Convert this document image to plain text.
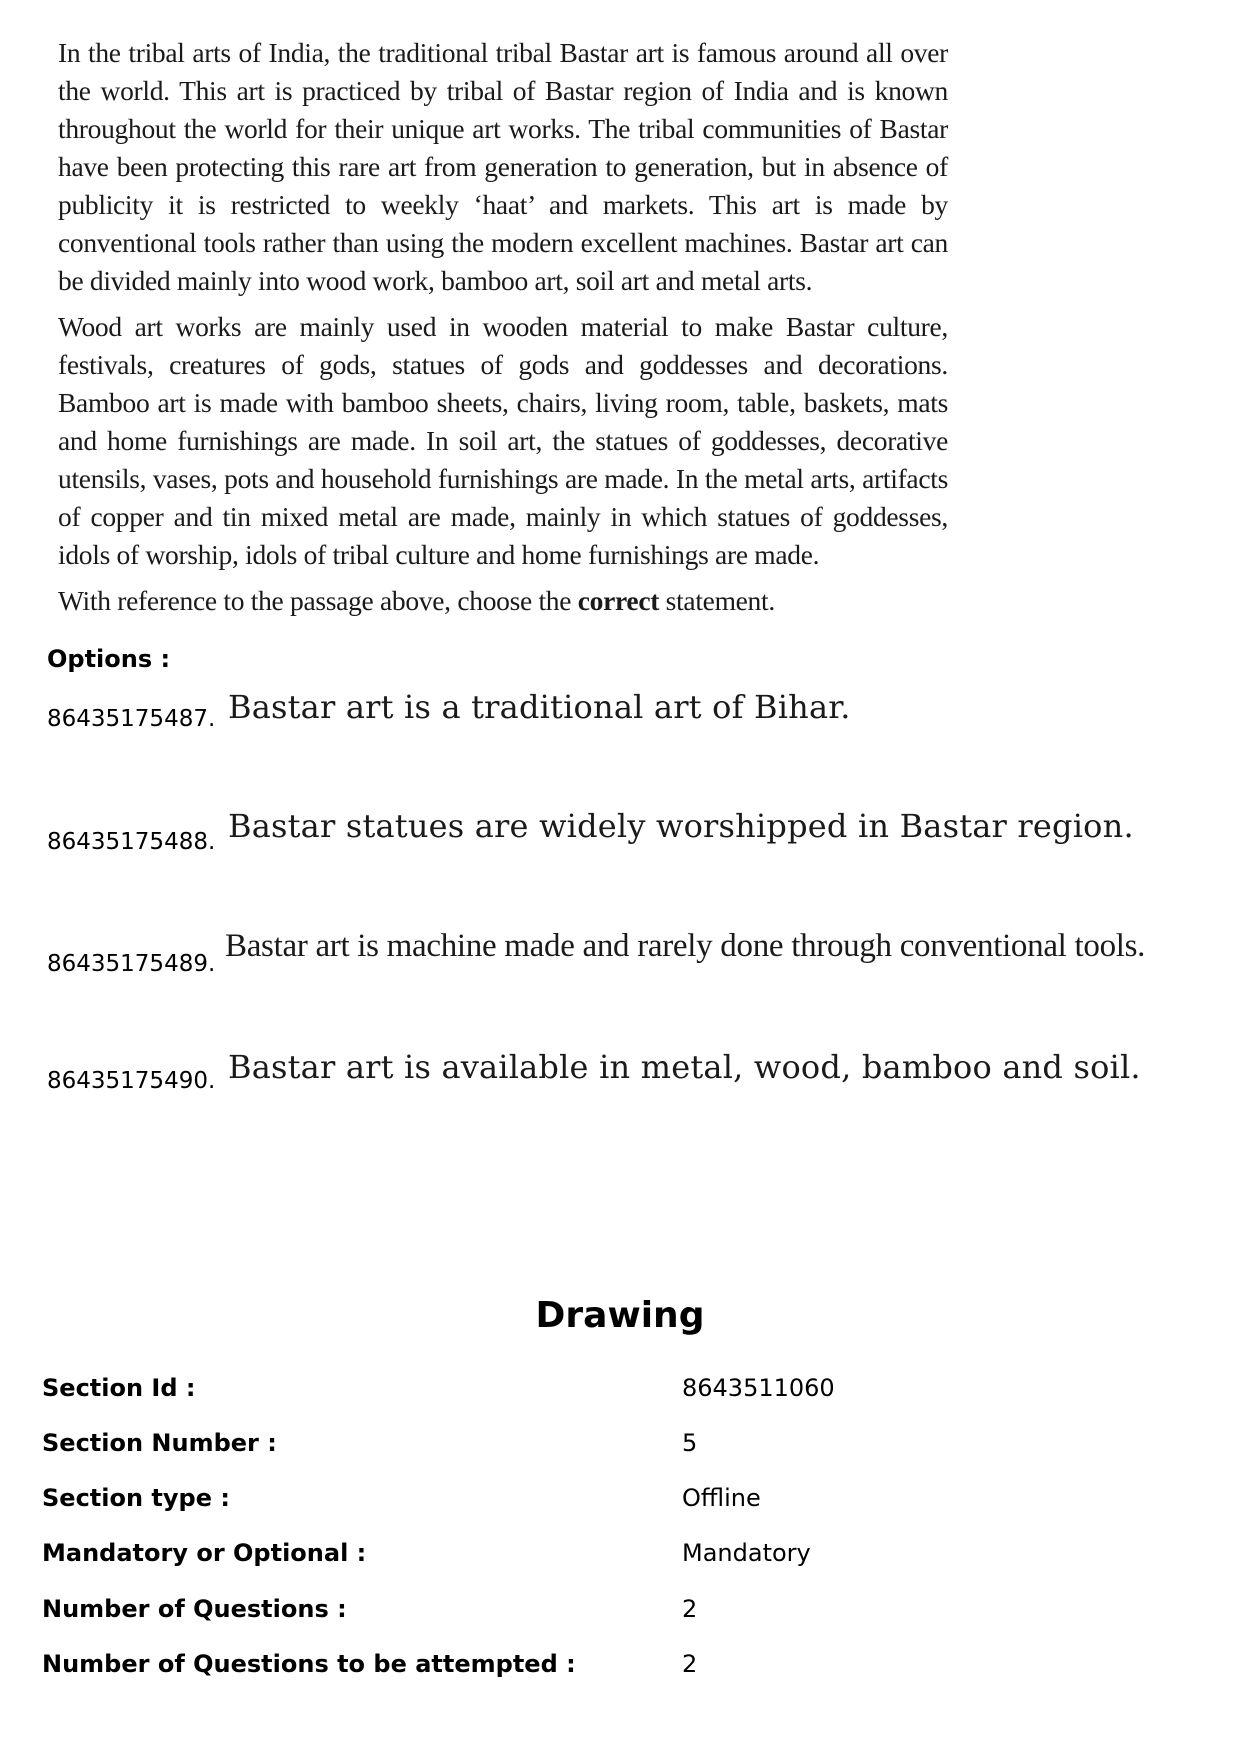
In the tribal arts of India, the traditional tribal Bastar art is famous around all over the world. This art is practiced by tribal of Bastar region of India and is known throughout the world for their unique art works. The tribal communities of Bastar have been protecting this rare art from generation to generation, but in absence of publicity it is restricted to weekly ‘haat’ and markets. This art is made by conventional tools rather than using the modern excellent machines. Bastar art can be divided mainly into wood work, bamboo art, soil art and metal arts.

Wood art works are mainly used in wooden material to make Bastar culture, festivals, creatures of gods, statues of gods and goddesses and decorations. Bamboo art is made with bamboo sheets, chairs, living room, table, baskets, mats and home furnishings are made. In soil art, the statues of goddesses, decorative utensils, vases, pots and household furnishings are made. In the metal arts, artifacts of copper and tin mixed metal are made, mainly in which statues of goddesses, idols of worship, idols of tribal culture and home furnishings are made.

With reference to the passage above, choose the correct statement.

Options :
86435175487. Bastar art is a traditional art of Bihar.
86435175488. Bastar statues are widely worshipped in Bastar region.
86435175489. Bastar art is machine made and rarely done through conventional tools.
86435175490. Bastar art is available in metal, wood, bamboo and soil.
Drawing
Section Id :	8643511060
Section Number :	5
Section type :	Offline
Mandatory or Optional :	Mandatory
Number of Questions :	2
Number of Questions to be attempted :	2
